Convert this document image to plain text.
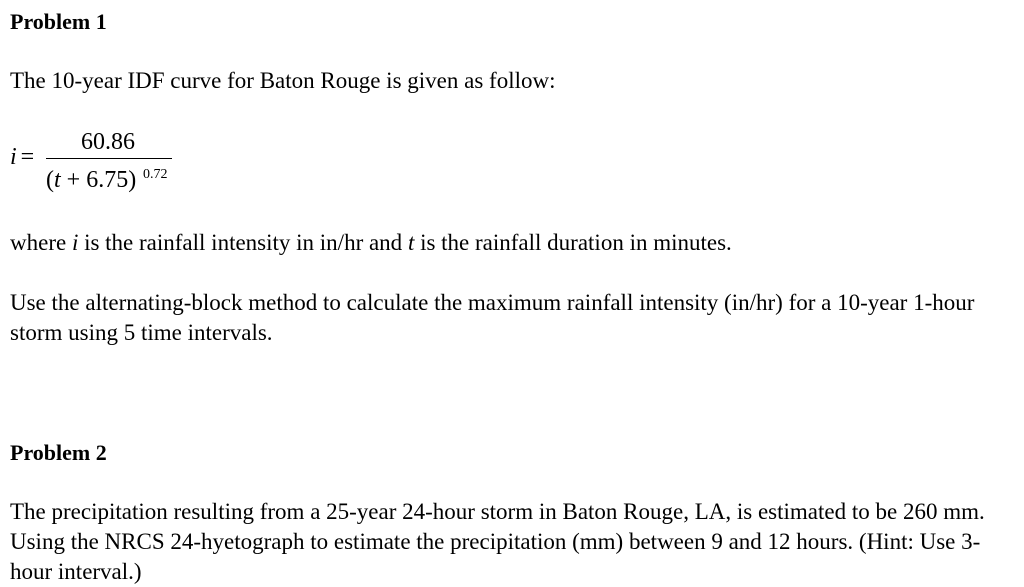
Problem 1

The 10-year IDF curve for Baton Rouge is given as follow:

i =
60.86
(t + 6.75) 0.72

where i is the rainfall intensity in in/hr and t is the rainfall duration in minutes.

Use the alternating-block method to calculate the maximum rainfall intensity (in/hr) for a 10-year 1-hour storm using 5 time intervals.

Problem 2

The precipitation resulting from a 25-year 24-hour storm in Baton Rouge, LA, is estimated to be 260 mm. Using the NRCS 24-hyetograph to estimate the precipitation (mm) between 9 and 12 hours. (Hint: Use 3-hour interval.)
